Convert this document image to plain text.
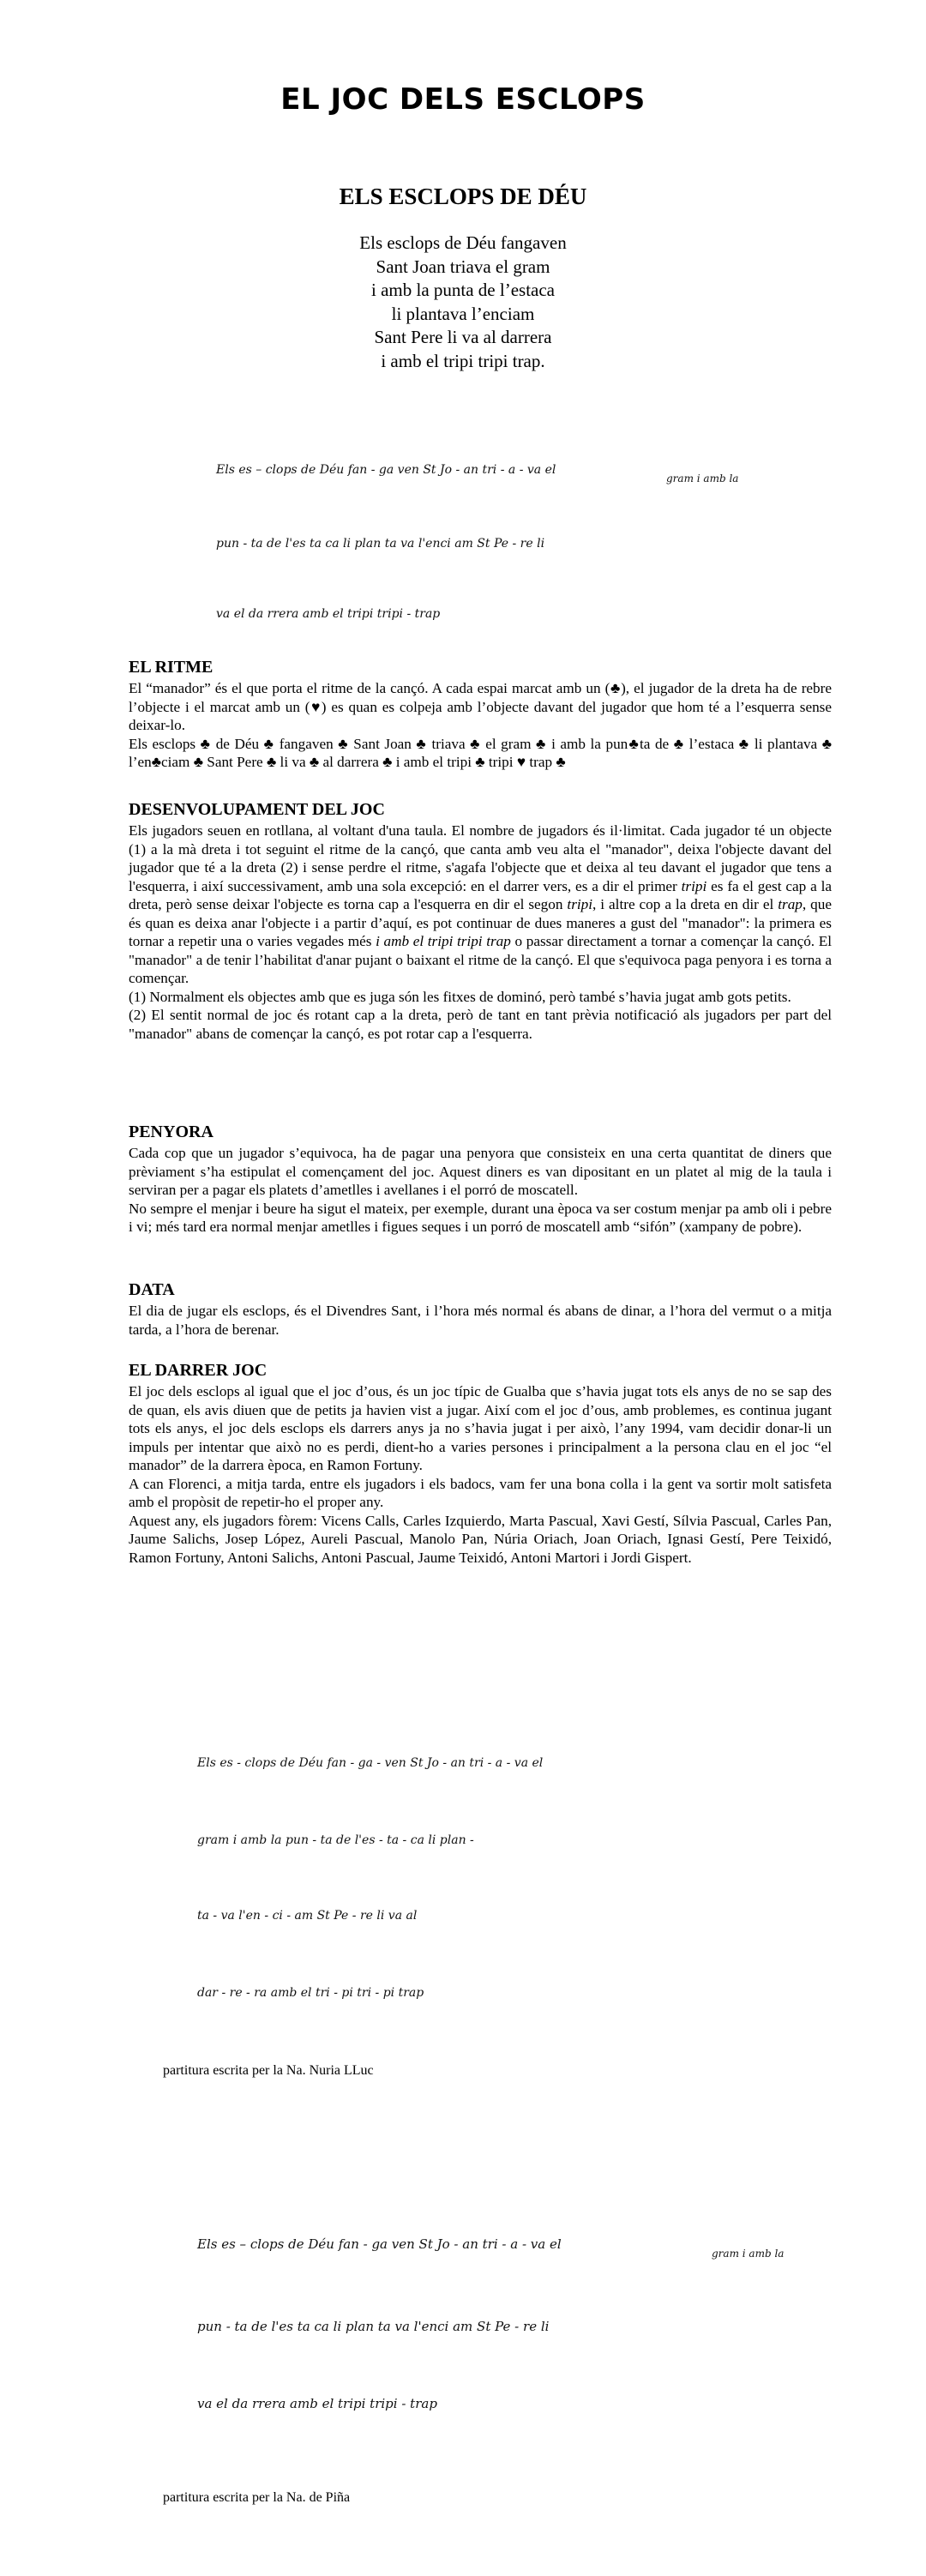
EL JOC DELS ESCLOPS
ELS ESCLOPS DE DÉU
Els esclops de Déu fangaven
Sant Joan triava el gram
i amb la punta de l’estaca
li plantava l’enciam
Sant Pere li va al darrera
i amb el tripi tripi trap.
Els es – clops de Déu fan - ga ven St Jo - an tri - a - va el
gram i amb la
pun - ta de l'es ta ca li plan ta va l'enci am St Pe - re li
va el da rrera amb el tripi tripi - trap
EL RITME

El “manador” és el que porta el ritme de la cançó. A cada espai marcat amb un (♣), el jugador de la dreta ha de rebre l’objecte i el marcat amb un (♥) es quan es colpeja amb l’objecte davant del jugador que hom té a l’esquerra sense deixar-lo.

Els esclops ♣ de Déu ♣ fangaven ♣ Sant Joan ♣ triava ♣ el gram ♣ i amb la pun♣ta de ♣ l’estaca ♣ li plantava ♣ l’en♣ciam ♣ Sant Pere ♣ li va ♣ al darrera ♣ i amb el tripi ♣ tripi ♥ trap ♣

DESENVOLUPAMENT DEL JOC

Els jugadors seuen en rotllana, al voltant d'una taula. El nombre de jugadors és il·limitat. Cada jugador té un objecte (1) a la mà dreta i tot seguint el ritme de la cançó, que canta amb veu alta el "manador", deixa l'objecte davant del jugador que té a la dreta (2) i sense perdre el ritme, s'agafa l'objecte que et deixa al teu davant el jugador que tens a l'esquerra, i així successivament, amb una sola excepció: en el darrer vers, es a dir el primer tripi es fa el gest cap a la dreta, però sense deixar l'objecte es torna cap a l'esquerra en dir el segon tripi, i altre cop a la dreta en dir el trap, que és quan es deixa anar l'objecte i a partir d’aquí, es pot continuar de dues maneres a gust del "manador": la primera es tornar a repetir una o varies vegades més i amb el tripi tripi trap o passar directament a tornar a començar la cançó. El "manador" a de tenir l’habilitat d'anar pujant o baixant el ritme de la cançó. El que s'equivoca paga penyora i es torna a començar.

(1) Normalment els objectes amb que es juga són les fitxes de dominó, però també s’havia jugat amb gots petits.

(2) El sentit normal de joc és rotant cap a la dreta, però de tant en tant prèvia notificació als jugadors per part del "manador" abans de començar la cançó, es pot rotar cap a l'esquerra.

PENYORA

Cada cop que un jugador s’equivoca, ha de pagar una penyora que consisteix en una certa quantitat de diners que prèviament s’ha estipulat el començament del joc. Aquest diners es van dipositant en un platet al mig de la taula i serviran per a pagar els platets d’ametlles i avellanes i el porró de moscatell.

No sempre el menjar i beure ha sigut el mateix, per exemple, durant una època va ser costum menjar pa amb oli i pebre i vi; més tard era normal menjar ametlles i figues seques i un porró de moscatell amb “sifón” (xampany de pobre).

DATA

El dia de jugar els esclops, és el Divendres Sant, i l’hora més normal és abans de dinar, a l’hora del vermut o a mitja tarda, a l’hora de berenar.

EL DARRER JOC

El joc dels esclops al igual que el joc d’ous, és un joc típic de Gualba que s’havia jugat tots els anys de no se sap des de quan, els avis diuen que de petits ja havien vist a jugar. Així com el joc d’ous, amb problemes, es continua jugant tots els anys, el joc dels esclops els darrers anys ja no s’havia jugat i per això, l’any 1994, vam decidir donar-li un impuls per intentar que això no es perdi, dient-ho a varies persones i principalment a la persona clau en el joc “el manador” de la darrera època, en Ramon Fortuny.

A can Florenci, a mitja tarda, entre els jugadors i els badocs, vam fer una bona colla i la gent va sortir molt satisfeta amb el propòsit de repetir-ho el proper any.

Aquest any, els jugadors fòrem: Vicens Calls, Carles Izquierdo, Marta Pascual, Xavi Gestí, Sílvia Pascual, Carles Pan, Jaume Salichs, Josep López, Aureli Pascual, Manolo Pan, Núria Oriach, Joan Oriach, Ignasi Gestí, Pere Teixidó, Ramon Fortuny, Antoni Salichs, Antoni Pascual, Jaume Teixidó, Antoni Martori i Jordi Gispert.

Els es - clops de Déu fan - ga - ven St Jo - an tri - a - va el
gram i amb la pun - ta de l'es - ta - ca li plan -
ta - va l'en - ci - am St Pe - re li va al
dar - re - ra amb el tri - pi tri - pi trap
partitura escrita per la Na. Nuria LLuc
Els es – clops de Déu fan - ga ven St Jo - an tri - a - va el
gram i amb la
pun - ta de l'es ta ca li plan ta va l'enci am St Pe - re li
va el da rrera amb el tripi tripi - trap
partitura escrita per la Na. de Piña
